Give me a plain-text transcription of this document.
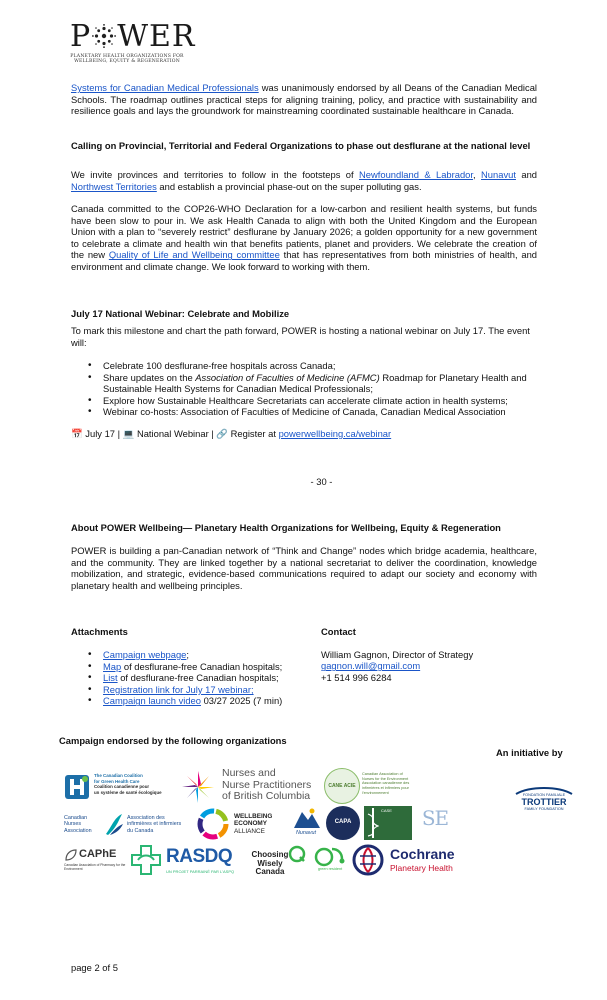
P WER
PLANETARY HEALTH ORGANIZATIONS FOR
WELLBEING, EQUITY & REGENERATION

Systems for Canadian Medical Professionals was unanimously endorsed by all Deans of the Canadian Medical Schools. The roadmap outlines practical steps for aligning training, policy, and practice with sustainability and resilience goals and lays the groundwork for mainstreaming coordinated sustainable healthcare in Canada.

Calling on Provincial, Territorial and Federal Organizations to phase out desflurane at the national level

We invite provinces and territories to follow in the footsteps of Newfoundland & Labrador, Nunavut and Northwest Territories and establish a provincial phase-out on the super polluting gas.

Canada committed to the COP26-WHO Declaration for a low-carbon and resilient health systems, but funds have been slow to pour in. We ask Health Canada to align with both the United Kingdom and the European Union with a plan to “severely restrict” desflurane by January 2026; a golden opportunity for a new government to celebrate a climate and health win that benefits patients, planet and providers. We celebrate the creation of the new Quality of Life and Wellbeing committee that has representatives from both ministries of health, and environment and climate change. We look forward to working with them.

July 17 National Webinar: Celebrate and Mobilize

To mark this milestone and chart the path forward, POWER is hosting a national webinar on July 17. The event will:

• Celebrate 100 desflurane-free hospitals across Canada;
• Share updates on the Association of Faculties of Medicine (AFMC) Roadmap for Planetary Health and Sustainable Health Systems for Canadian Medical Professionals;
• Explore how Sustainable Healthcare Secretariats can accelerate climate action in health systems;
• Webinar co-hosts: Association of Faculties of Medicine of Canada, Canadian Medical Association

📅 July 17 | 💻 National Webinar | 🔗 Register at powerwellbeing.ca/webinar

- 30 -

About POWER Wellbeing— Planetary Health Organizations for Wellbeing, Equity & Regeneration

POWER is building a pan-Canadian network of “Think and Change” nodes which bridge academia, healthcare, and the community. They are linked together by a national secretariat to deliver the coordination, knowledge mobilization, and strategic, evidence-based communications required to adapt our society and economy with planetary health and wellbeing principles.

Attachments

• Campaign webpage;
• Map of desflurane-free Canadian hospitals;
• List of desflurane-free Canadian hospitals;
• Registration link for July 17 webinar;
• Campaign launch video 03/27 2025 (7 min)

Contact

William Gagnon, Director of Strategy

gagnon.will@gmail.com

+1 514 996 6284

Campaign endorsed by the following organizations

An initiative by

The Canadian Coalition
for Green Health Care
Coalition canadienne pour
un système de santé écologique
Nurses and
Nurse Practitioners
of British Columbia
CANE ACIE
Canadian Association of
Nurses for the Environment
Association canadienne des
infirmières et infirmiers pour
l'environnement
Canadian
Nurses
Association
Association des
infirmières et infirmiers
du Canada
WELLBEING
ECONOMY
ALLIANCE	Nunavut
CAPA
CASE	SE
CAPhE
Canadian Association of Pharmacy for the Environment
RASDQ
UN PROJET PARRAINÉ PAR L'ASPQ
Choosing
Wisely
Canada	green resident
Cochrane
Planetary Health
FONDATION FAMILIALE
TROTTIER
FAMILY FOUNDATION

page 2 of 5
